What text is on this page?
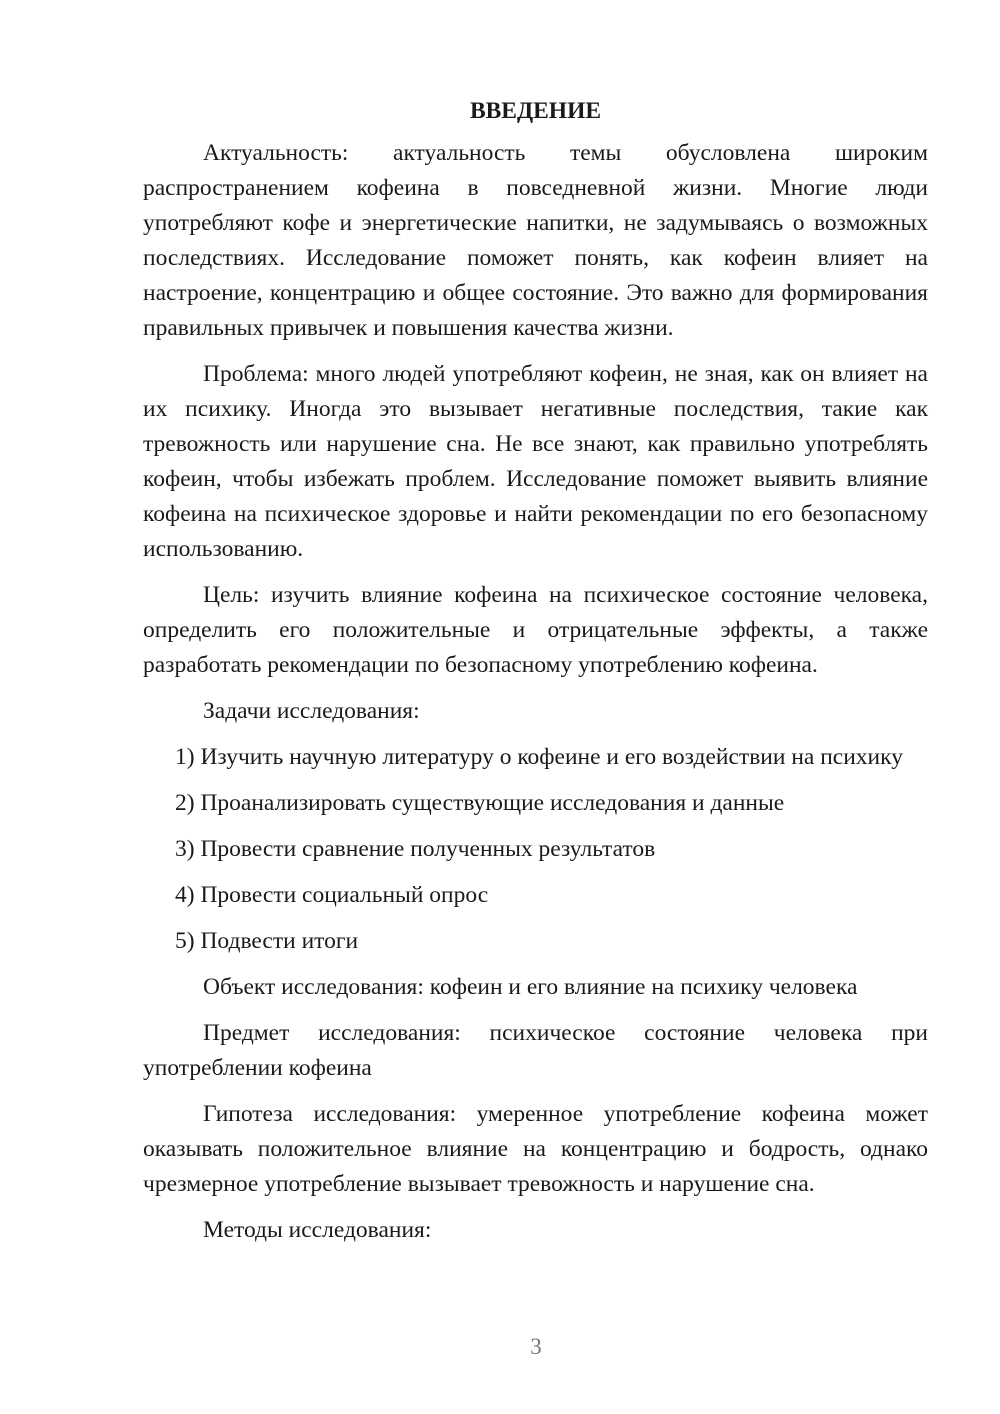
ВВЕДЕНИЕ

Актуальность: актуальность темы обусловлена широким распространением кофеина в повседневной жизни. Многие люди употребляют кофе и энергетические напитки, не задумываясь о возможных последствиях. Исследование поможет понять, как кофеин влияет на настроение, концентрацию и общее состояние. Это важно для формирования правильных привычек и повышения качества жизни.

Проблема: много людей употребляют кофеин, не зная, как он влияет на их психику. Иногда это вызывает негативные последствия, такие как тревожность или нарушение сна. Не все знают, как правильно употреблять кофеин, чтобы избежать проблем. Исследование поможет выявить влияние кофеина на психическое здоровье и найти рекомендации по его безопасному использованию.

Цель: изучить влияние кофеина на психическое состояние человека, определить его положительные и отрицательные эффекты, а также разработать рекомендации по безопасному употреблению кофеина.

Задачи исследования:

1) Изучить научную литературу о кофеине и его воздействии на психику

2) Проанализировать существующие исследования и данные

3) Провести сравнение полученных результатов

4) Провести социальный опрос

5) Подвести итоги

Объект исследования: кофеин и его влияние на психику человека

Предмет исследования: психическое состояние человека при употреблении кофеина

Гипотеза исследования: умеренное употребление кофеина может оказывать положительное влияние на концентрацию и бодрость, однако чрезмерное употребление вызывает тревожность и нарушение сна.

Методы исследования:

3
